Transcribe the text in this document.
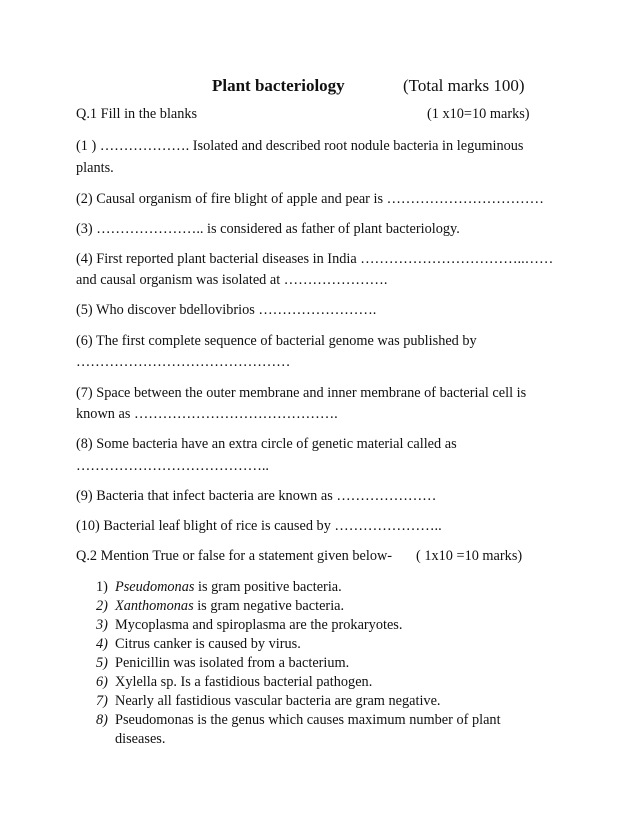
Plant bacteriology	(Total marks 100)
Q.1 Fill in the blanks	(1 x10=10 marks)
(1 ) ………………. Isolated and described root nodule bacteria in leguminous
plants.
(2) Causal organism of fire blight of apple and pear is ……………………………
(3) ………………….. is considered as father of plant bacteriology.
(4) First reported plant bacterial diseases in India ……………………………..……
and causal organism was isolated at ………………….
(5) Who discover bdellovibrios …………………….
(6) The first complete sequence of bacterial genome was published by
………………………………………
(7) Space between the outer membrane and inner membrane of bacterial cell is
known as …………………………………….
(8) Some bacteria have an extra circle of genetic material called as
…………………………………..
(9) Bacteria that infect bacteria are known as …………………
(10) Bacterial leaf blight of rice is caused by …………………..
Q.2 Mention True or false for a statement given below- ( 1x10 =10 marks)
1) Pseudomonas is gram positive bacteria.
2) Xanthomonas is gram negative bacteria.
3) Mycoplasma and spiroplasma are the prokaryotes.
4) Citrus canker is caused by virus.
5) Penicillin was isolated from a bacterium.
6) Xylella sp. Is a fastidious bacterial pathogen.
7) Nearly all fastidious vascular bacteria are gram negative.
8) Pseudomonas is the genus which causes maximum number of plant
diseases.
